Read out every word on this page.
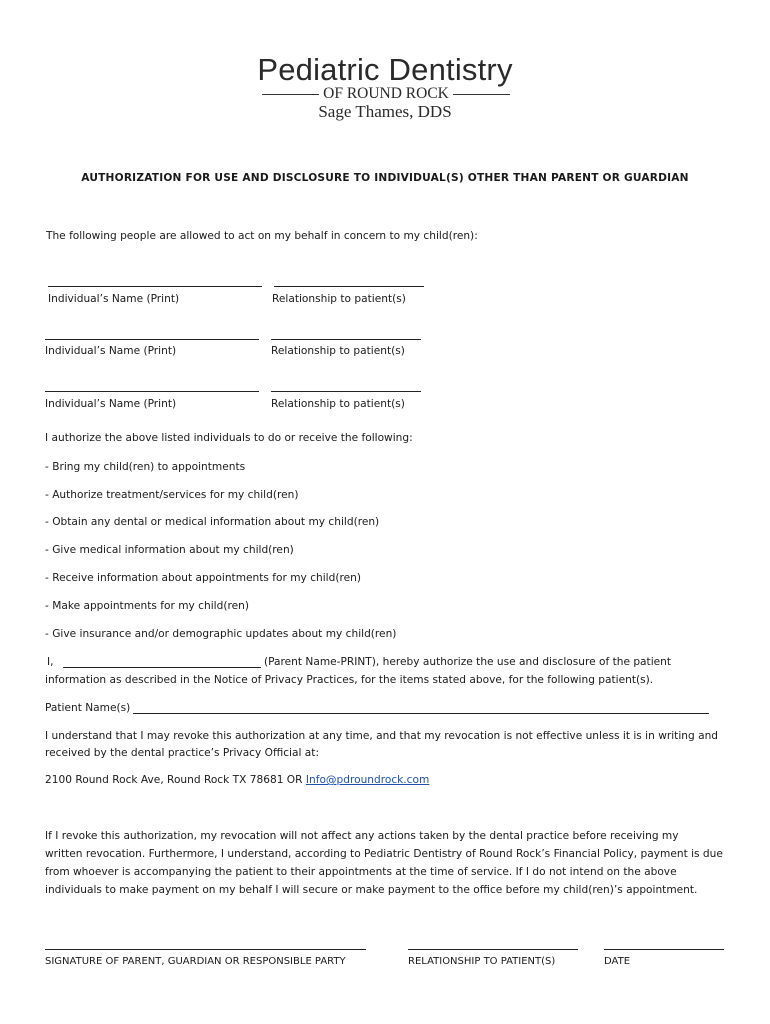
Pediatric Dentistry
OF ROUND ROCK
Sage Thames, DDS
AUTHORIZATION FOR USE AND DISCLOSURE TO INDIVIDUAL(S) OTHER THAN PARENT OR GUARDIAN
The following people are allowed to act on my behalf in concern to my child(ren):
Individual’s Name (Print)	Relationship to patient(s)
Individual’s Name (Print)	Relationship to patient(s)
Individual’s Name (Print)	Relationship to patient(s)
I authorize the above listed individuals to do or receive the following:
- Bring my child(ren) to appointments
- Authorize treatment/services for my child(ren)
- Obtain any dental or medical information about my child(ren)
- Give medical information about my child(ren)
- Receive information about appointments for my child(ren)
- Make appointments for my child(ren)
- Give insurance and/or demographic updates about my child(ren)
I,	(Parent Name-PRINT), hereby authorize the use and disclosure of the patient
information as described in the Notice of Privacy Practices, for the items stated above, for the following patient(s).
Patient Name(s)
I understand that I may revoke this authorization at any time, and that my revocation is not effective unless it is in writing and
received by the dental practice’s Privacy Official at:
2100 Round Rock Ave, Round Rock TX 78681 OR Info@pdroundrock.com
If I revoke this authorization, my revocation will not affect any actions taken by the dental practice before receiving my
written revocation. Furthermore, I understand, according to Pediatric Dentistry of Round Rock’s Financial Policy, payment is due
from whoever is accompanying the patient to their appointments at the time of service. If I do not intend on the above
individuals to make payment on my behalf I will secure or make payment to the office before my child(ren)’s appointment.
SIGNATURE OF PARENT, GUARDIAN OR RESPONSIBLE PARTY	RELATIONSHIP TO PATIENT(S)	DATE
